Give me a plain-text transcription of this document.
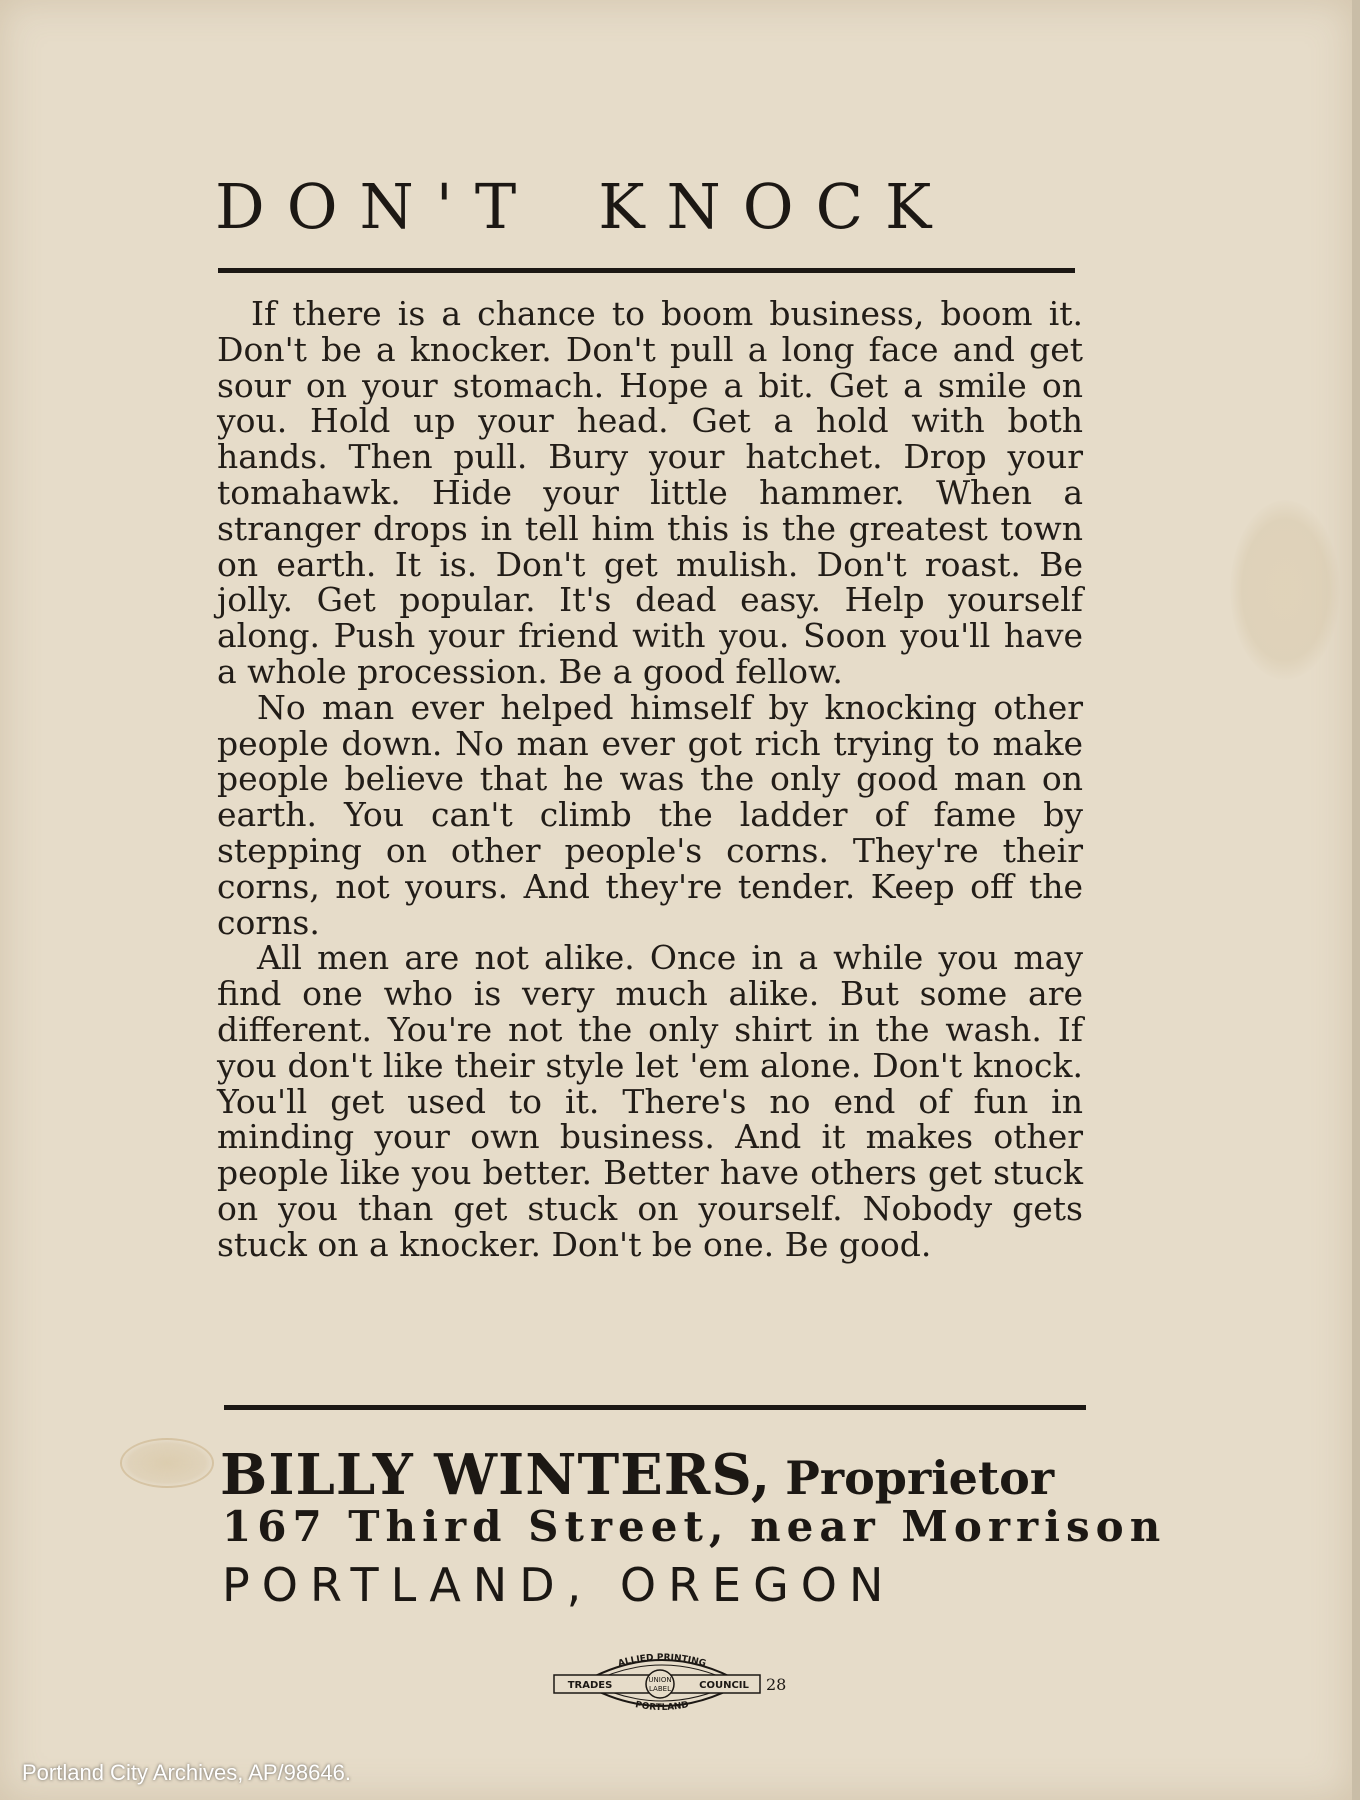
DON'T KNOCK

If there is a chance to boom business, boom it. Don't be a knocker. Don't pull a long face and get sour on your stomach. Hope a bit. Get a smile on you. Hold up your head. Get a hold with both hands. Then pull. Bury your hatchet. Drop your tomahawk. Hide your little hammer. When a stranger drops in tell him this is the greatest town on earth. It is. Don't get mulish. Don't roast. Be jolly. Get popular. It's dead easy. Help yourself along. Push your friend with you. Soon you'll have a whole procession. Be a good fellow.

No man ever helped himself by knocking other people down. No man ever got rich trying to make people believe that he was the only good man on earth. You can't climb the ladder of fame by stepping on other people's corns. They're their corns, not yours. And they're tender. Keep off the corns.

All men are not alike. Once in a while you may find one who is very much alike. But some are different. You're not the only shirt in the wash. If you don't like their style let 'em alone. Don't knock. You'll get used to it. There's no end of fun in minding your own business. And it makes other people like you better. Better have others get stuck on you than get stuck on yourself. Nobody gets stuck on a knocker. Don't be one. Be good.

BILLY WINTERS, Proprietor
167 Third Street, near Morrison
PORTLAND, OREGON
ALLIED PRINTING
TRADES	UNION
LABEL	COUNCIL
PORTLAND
28
Portland City Archives, AP/98646.
